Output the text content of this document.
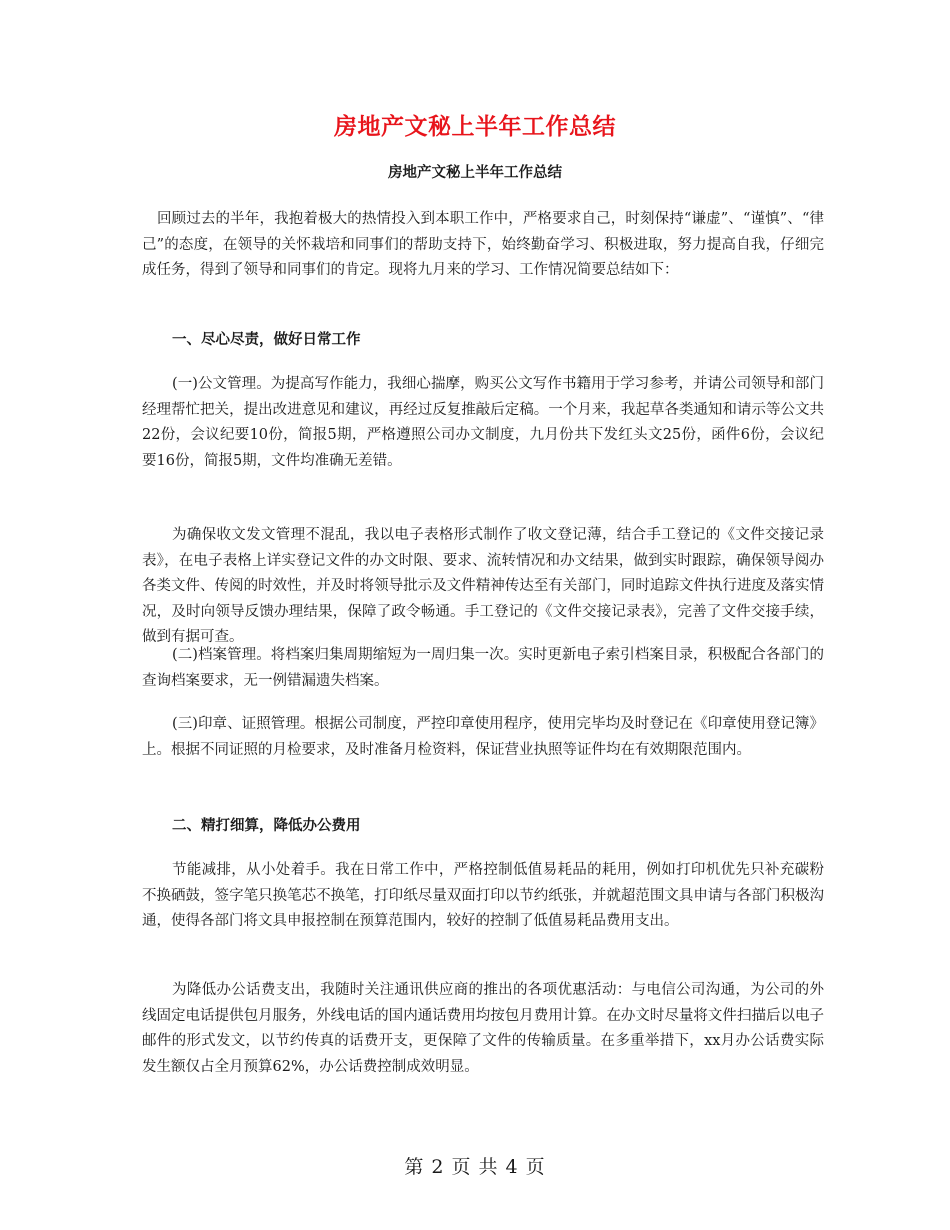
房地产文秘上半年工作总结
房地产文秘上半年工作总结

回顾过去的半年，我抱着极大的热情投入到本职工作中，严格要求自己，时刻保持“谦虚”、“谨慎”、“律己”的态度，在领导的关怀栽培和同事们的帮助支持下，始终勤奋学习、积极进取，努力提高自我，仔细完成任务，得到了领导和同事们的肯定。现将九月来的学习、工作情况简要总结如下：

一、尽心尽责，做好日常工作

(一)公文管理。为提高写作能力，我细心揣摩，购买公文写作书籍用于学习参考，并请公司领导和部门经理帮忙把关，提出改进意见和建议，再经过反复推敲后定稿。一个月来，我起草各类通知和请示等公文共22份，会议纪要10份，简报5期，严格遵照公司办文制度，九月份共下发红头文25份，函件6份，会议纪要16份，简报5期，文件均准确无差错。

为确保收文发文管理不混乱，我以电子表格形式制作了收文登记薄，结合手工登记的《文件交接记录表》，在电子表格上详实登记文件的办文时限、要求、流转情况和办文结果，做到实时跟踪，确保领导阅办各类文件、传阅的时效性，并及时将领导批示及文件精神传达至有关部门，同时追踪文件执行进度及落实情况，及时向领导反馈办理结果，保障了政令畅通。手工登记的《文件交接记录表》，完善了文件交接手续，做到有据可查。

(二)档案管理。将档案归集周期缩短为一周归集一次。实时更新电子索引档案目录，积极配合各部门的查询档案要求，无一例错漏遗失档案。

(三)印章、证照管理。根据公司制度，严控印章使用程序，使用完毕均及时登记在《印章使用登记簿》上。根据不同证照的月检要求，及时准备月检资料，保证营业执照等证件均在有效期限范围内。

二、精打细算，降低办公费用

节能减排，从小处着手。我在日常工作中，严格控制低值易耗品的耗用，例如打印机优先只补充碳粉不换硒鼓，签字笔只换笔芯不换笔，打印纸尽量双面打印以节约纸张，并就超范围文具申请与各部门积极沟通，使得各部门将文具申报控制在预算范围内，较好的控制了低值易耗品费用支出。

为降低办公话费支出，我随时关注通讯供应商的推出的各项优惠活动：与电信公司沟通，为公司的外线固定电话提供包月服务，外线电话的国内通话费用均按包月费用计算。在办文时尽量将文件扫描后以电子邮件的形式发文，以节约传真的话费开支，更保障了文件的传输质量。在多重举措下，xx月办公话费实际发生额仅占全月预算62%，办公话费控制成效明显。

第 2 页 共 4 页
